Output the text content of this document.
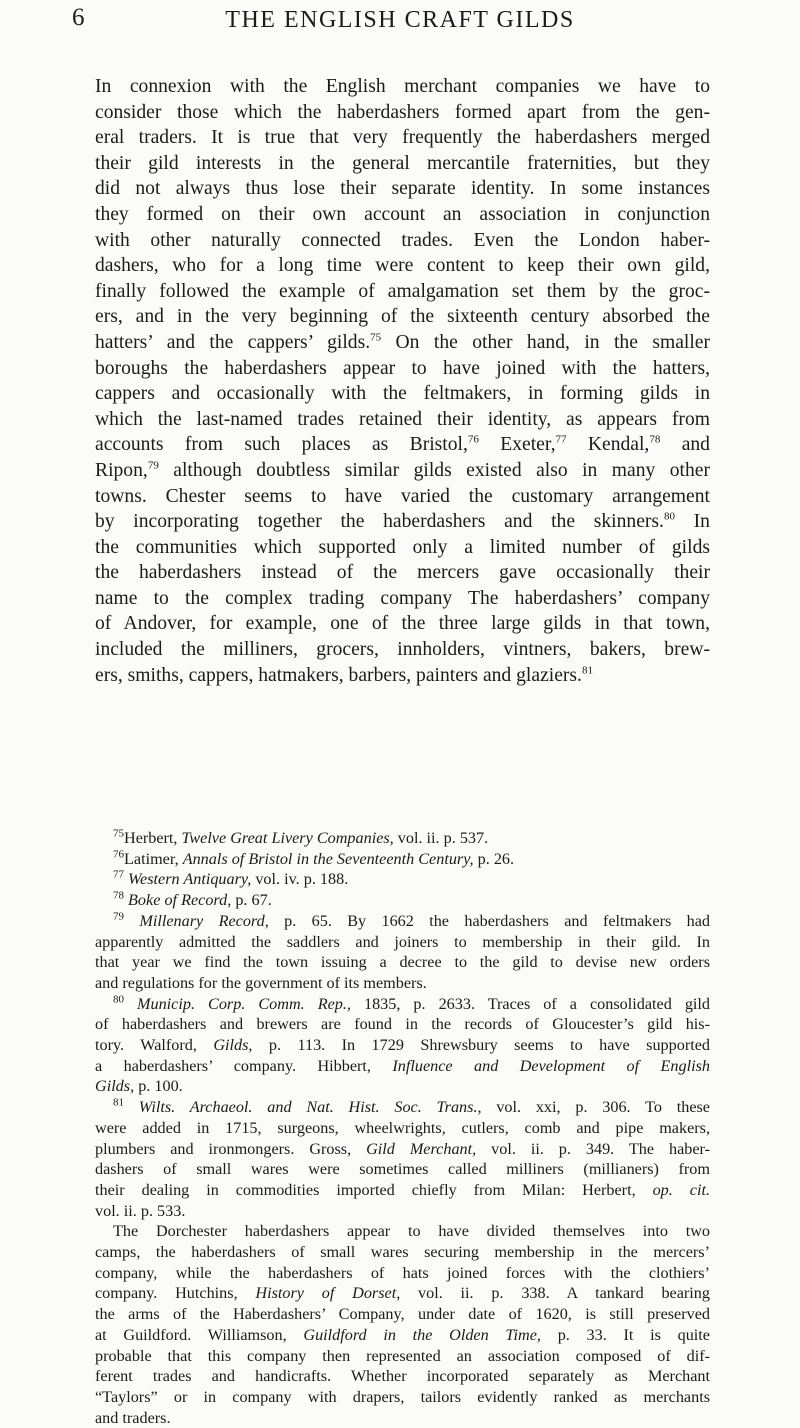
6	THE ENGLISH CRAFT GILDS
In connexion with the English merchant companies we have to
consider those which the haberdashers formed apart from the gen-
eral traders. It is true that very frequently the haberdashers merged
their gild interests in the general mercantile fraternities, but they
did not always thus lose their separate identity. In some instances
they formed on their own account an association in conjunction
with other naturally connected trades. Even the London haber-
dashers, who for a long time were content to keep their own gild,
finally followed the example of amalgamation set them by the groc-
ers, and in the very beginning of the sixteenth century absorbed the
hatters’ and the cappers’ gilds.$^{75}$ On the other hand, in the smaller
boroughs the haberdashers appear to have joined with the hatters,
cappers and occasionally with the feltmakers, in forming gilds in
which the last-named trades retained their identity, as appears from
accounts from such places as Bristol,$^{76}$ Exeter,$^{77}$ Kendal,$^{78}$ and
Ripon,$^{79}$ although doubtless similar gilds existed also in many other
towns. Chester seems to have varied the customary arrangement
by incorporating together the haberdashers and the skinners.$^{80}$ In
the communities which supported only a limited number of gilds
the haberdashers instead of the mercers gave occasionally their
name to the complex trading company The haberdashers’ company
of Andover, for example, one of the three large gilds in that town,
included the milliners, grocers, innholders, vintners, bakers, brew-
ers, smiths, cappers, hatmakers, barbers, painters and glaziers.$^{81}$
$^{75}$Herbert, Twelve Great Livery Companies, vol. ii. p. 537.
$^{76}$Latimer, Annals of Bristol in the Seventeenth Century, p. 26.
$^{77}$ Western Antiquary, vol. iv. p. 188.
$^{78}$ Boke of Record, p. 67.
$^{79}$ Millenary Record, p. 65. By 1662 the haberdashers and feltmakers had
apparently admitted the saddlers and joiners to membership in their gild. In
that year we find the town issuing a decree to the gild to devise new orders
and regulations for the government of its members.
$^{80}$ Municip. Corp. Comm. Rep., 1835, p. 2633. Traces of a consolidated gild
of haberdashers and brewers are found in the records of Gloucester’s gild his-
tory. Walford, Gilds, p. 113. In 1729 Shrewsbury seems to have supported
a haberdashers’ company. Hibbert, Influence and Development of English
Gilds, p. 100.
$^{81}$ Wilts. Archaeol. and Nat. Hist. Soc. Trans., vol. xxi, p. 306. To these
were added in 1715, surgeons, wheelwrights, cutlers, comb and pipe makers,
plumbers and ironmongers. Gross, Gild Merchant, vol. ii. p. 349. The haber-
dashers of small wares were sometimes called milliners (millianers) from
their dealing in commodities imported chiefly from Milan: Herbert, op. cit.
vol. ii. p. 533.
The Dorchester haberdashers appear to have divided themselves into two
camps, the haberdashers of small wares securing membership in the mercers’
company, while the haberdashers of hats joined forces with the clothiers’
company. Hutchins, History of Dorset, vol. ii. p. 338. A tankard bearing
the arms of the Haberdashers’ Company, under date of 1620, is still preserved
at Guildford. Williamson, Guildford in the Olden Time, p. 33. It is quite
probable that this company then represented an association composed of dif-
ferent trades and handicrafts. Whether incorporated separately as Merchant
“Taylors” or in company with drapers, tailors evidently ranked as merchants
and traders.
